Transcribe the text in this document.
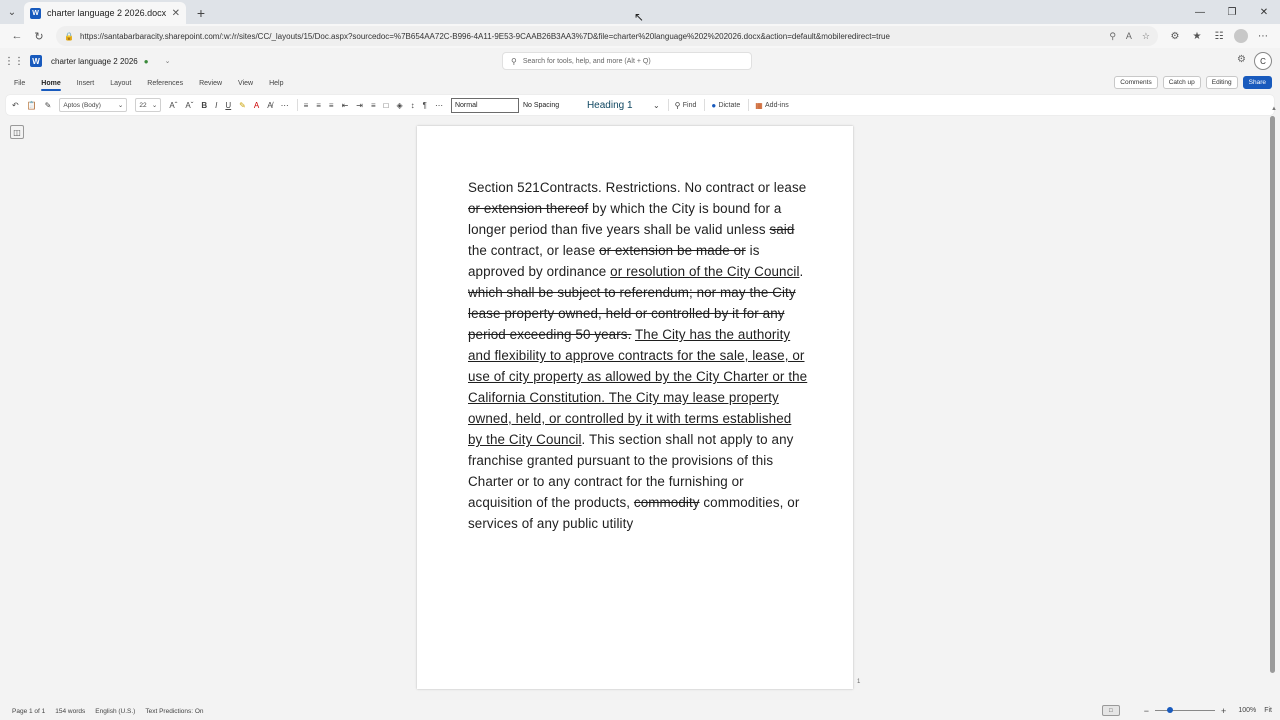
⌄	W charter language 2 2026.docx ✕	+	—	❐	✕
←	↻	🔒 https://santabarbaracity.sharepoint.com/:w:/r/sites/CC/_layouts/15/Doc.aspx?sourcedoc=%7B654AA72C-B996-4A11-9E53-9CAAB26B3AA3%7D&file=charter%20language%202%202026.docx&action=default&mobileredirect=true	⚲ A ☆	⚙	★	☷	⋯
⋮⋮	W charter language 2 2026 ● ⌄	⚲ Search for tools, help, and more (Alt + Q)	⚙	C
File Home Insert Layout References Review View Help	Comments	Catch up	Editing	Share
↶ 📋 ✎ Aptos (Body)	⌄ 22 ⌄ Aˆ Aˇ B I U ✎ A A̸ ⋯ ≡ ≡ ≡ ⇤ ⇥ ≡ □ ◈ ↕ ¶ ⋯	Normal	No Spacing	Heading 1	⌄ ⚲ Find ● Dictate ▦ Add-ins
◫
Section 521Contracts. Restrictions. No contract or lease or extension thereof by which the City is bound for a longer period than five years shall be valid unless said the contract, or lease or extension be made or is approved by ordinance or resolution of the City Council. which shall be subject to referendum; nor may the City lease property owned, held or controlled by it for any period exceeding 50 years. The City has the authority and flexibility to approve contracts for the sale, lease, or use of city property as allowed by the City Charter or the California Constitution. The City may lease property owned, held, or controlled by it with terms established by the City Council. This section shall not apply to any franchise granted pursuant to the provisions of this Charter or to any contract for the furnishing or acquisition of the products, commodity commodities, or services of any public utility
1
▲
↖
Page 1 of 1 154 words English (U.S.) Text Predictions: On	□	−	+ 100% Fit
